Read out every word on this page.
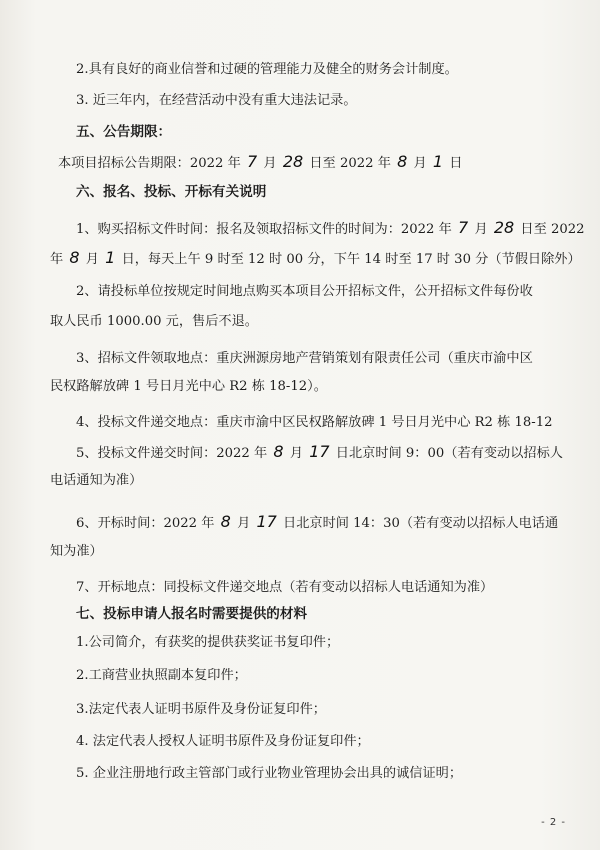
2.具有良好的商业信誉和过硬的管理能力及健全的财务会计制度。
3. 近三年内，在经营活动中没有重大违法记录。
五、公告期限：
本项目招标公告期限：2022 年 7 月 28 日至 2022 年 8 月 1 日
六、报名、投标、开标有关说明
1、购买招标文件时间：报名及领取招标文件的时间为：2022 年 7 月 28 日至 2022
年 8 月 1 日，每天上午 9 时至 12 时 00 分，下午 14 时至 17 时 30 分（节假日除外）
2、请投标单位按规定时间地点购买本项目公开招标文件，公开招标文件每份收
取人民币 1000.00 元，售后不退。
3、招标文件领取地点：重庆洲源房地产营销策划有限责任公司（重庆市渝中区
民权路解放碑 1 号日月光中心 R2 栋 18-12）。
4、投标文件递交地点：重庆市渝中区民权路解放碑 1 号日月光中心 R2 栋 18-12
5、投标文件递交时间：2022 年 8 月 17 日北京时间 9：00（若有变动以招标人
电话通知为准）
6、开标时间：2022 年 8 月 17 日北京时间 14：30（若有变动以招标人电话通
知为准）
7、开标地点：同投标文件递交地点（若有变动以招标人电话通知为准）
七、投标申请人报名时需要提供的材料
1.公司简介，有获奖的提供获奖证书复印件；
2.工商营业执照副本复印件；
3.法定代表人证明书原件及身份证复印件；
4. 法定代表人授权人证明书原件及身份证复印件；
5. 企业注册地行政主管部门或行业物业管理协会出具的诚信证明；
- 2 -
